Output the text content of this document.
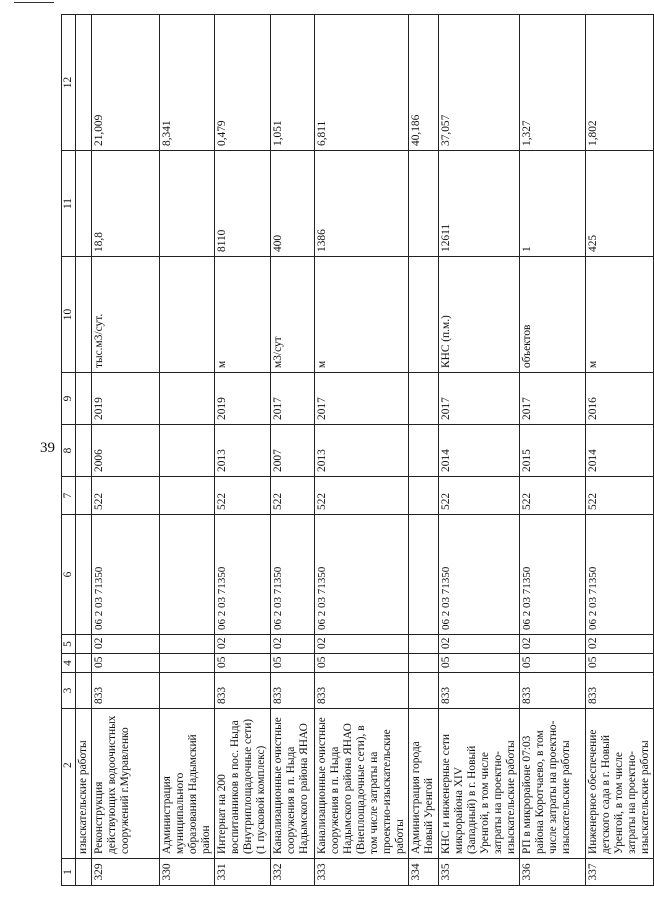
39
1	2	3	4	5	6	7	8	9	10	11	12
	изыскательские работы										
329	Реконструкция действующих водоочистных сооружений г.Муравленко	833	05	02	06 2 03 71350	522	2006	2019	тыс.м3/сут.	18,8	21,009
330	Администрация муниципального образования Надымский район										8,341
331	Интернат на 200 воспитанников в пос. Ныда (Внутриплощадочные сети) (1 пусковой комплекс)	833	05	02	06 2 03 71350	522	2013	2019	м	8110	0,479
332	Канализационные очистные сооружения в п. Ныда Надымского района ЯНАО	833	05	02	06 2 03 71350	522	2007	2017	м3/сут	400	1,051
333	Канализационные очистные сооружения в п. Ныда Надымского района ЯНАО (Внеплощадочные сети), в том числе затраты на проектно-изыскательские работы	833	05	02	06 2 03 71350	522	2013	2017	м	1386	6,811
334	Администрация города Новый Уренгой										40,186
335	КНС и инженерные сети микрорайона XIV (Западный) в г. Новый Уренгой, в том числе затраты на проектно-изыскательские работы	833	05	02	06 2 03 71350	522	2014	2017	КНС (п.м.)	12611	37,057
336	РП в микрорайоне 07:03 района Коротчаево, в том числе затраты на проектно-изыскательские работы	833	05	02	06 2 03 71350	522	2015	2017	объектов	1	1,327
337	Инженерное обеспечение детского сада в г. Новый Уренгой, в том числе затраты на проектно-изыскательские работы	833	05	02	06 2 03 71350	522	2014	2016	м	425	1,802
